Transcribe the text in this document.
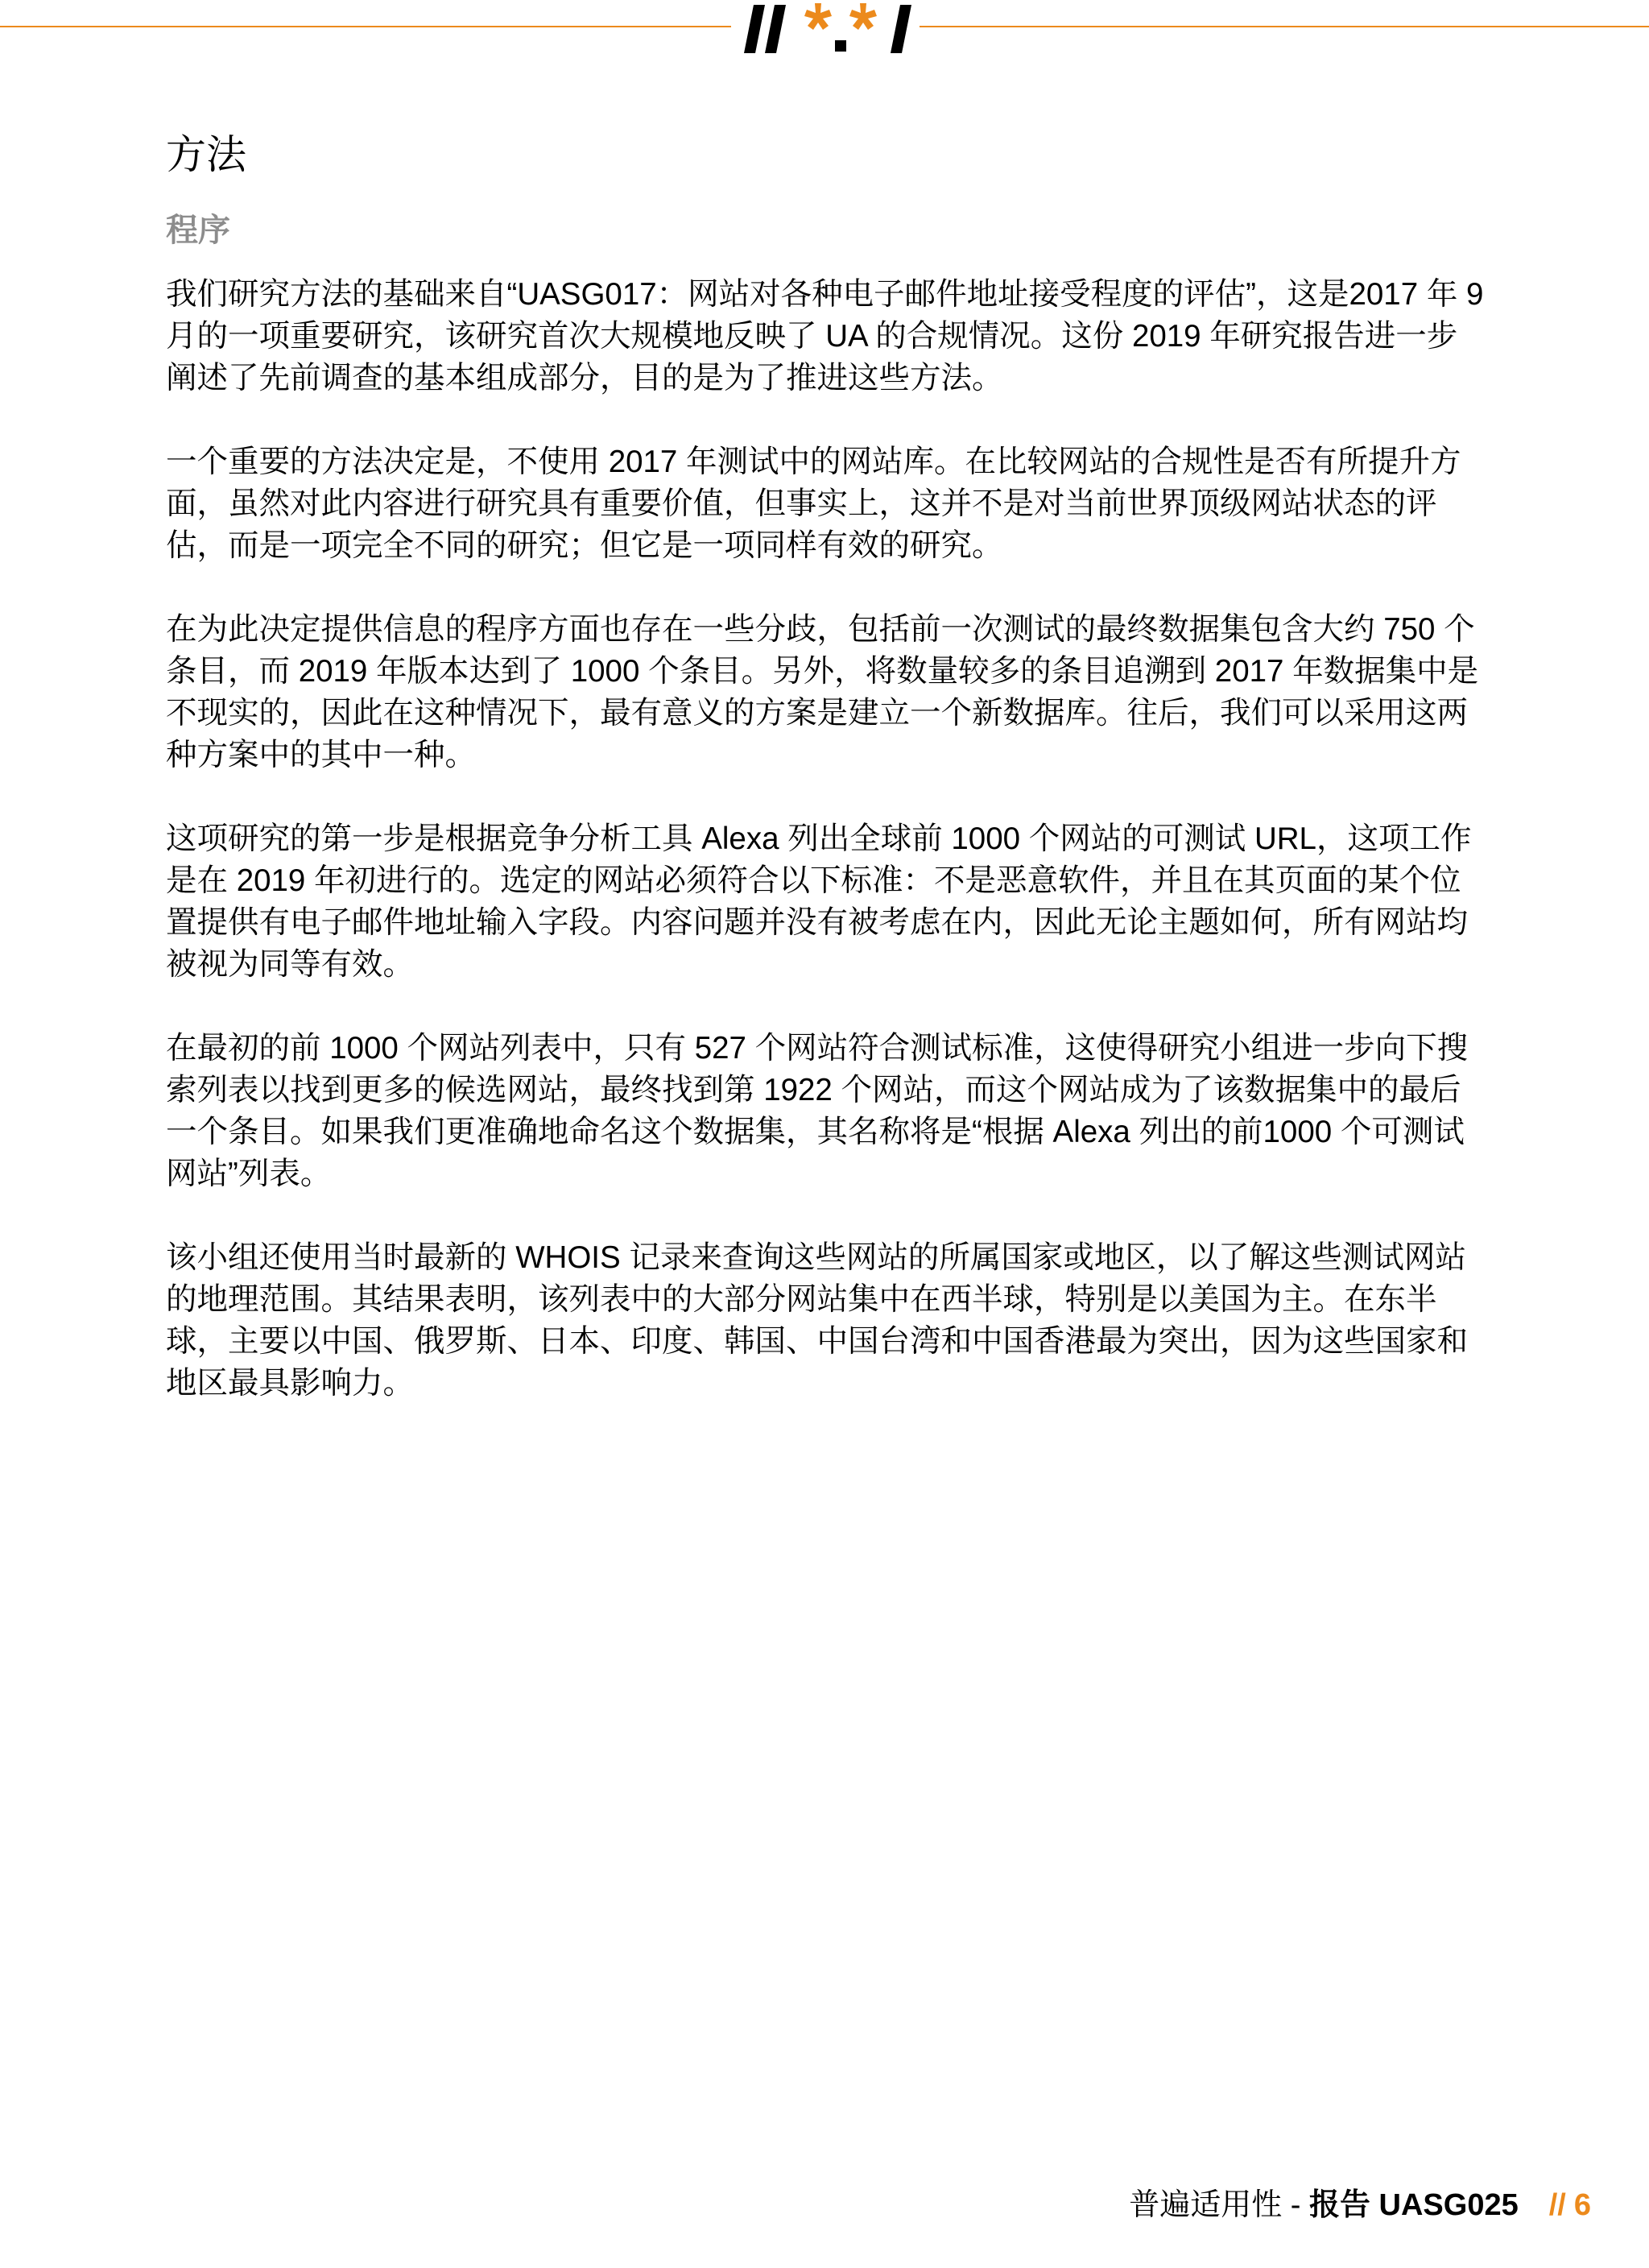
方法
程序

我们研究方法的基础来自“UASG017：网站对各种电子邮件地址接受程度的评估”，这是2017 年 9 月的一项重要研究，该研究首次大规模地反映了 UA 的合规情况。这份 2019 年研究报告进一步阐述了先前调查的基本组成部分，目的是为了推进这些方法。

一个重要的方法决定是，不使用 2017 年测试中的网站库。在比较网站的合规性是否有所提升方面，虽然对此内容进行研究具有重要价值，但事实上，这并不是对当前世界顶级网站状态的评估，而是一项完全不同的研究；但它是一项同样有效的研究。

在为此决定提供信息的程序方面也存在一些分歧，包括前一次测试的最终数据集包含大约 750 个条目，而 2019 年版本达到了 1000 个条目。另外，将数量较多的条目追溯到 2017 年数据集中是不现实的，因此在这种情况下，最有意义的方案是建立一个新数据库。往后，我们可以采用这两种方案中的其中一种。

这项研究的第一步是根据竞争分析工具 Alexa 列出全球前 1000 个网站的可测试 URL，这项工作是在 2019 年初进行的。选定的网站必须符合以下标准：不是恶意软件，并且在其页面的某个位置提供有电子邮件地址输入字段。内容问题并没有被考虑在内，因此无论主题如何，所有网站均被视为同等有效。

在最初的前 1000 个网站列表中，只有 527 个网站符合测试标准，这使得研究小组进一步向下搜索列表以找到更多的候选网站，最终找到第 1922 个网站，而这个网站成为了该数据集中的最后一个条目。如果我们更准确地命名这个数据集，其名称将是“根据 Alexa 列出的前1000 个可测试网站”列表。

该小组还使用当时最新的 WHOIS 记录来查询这些网站的所属国家或地区，以了解这些测试网站的地理范围。其结果表明，该列表中的大部分网站集中在西半球，特别是以美国为主。在东半球，主要以中国、俄罗斯、日本、印度、韩国、中国台湾和中国香港最为突出，因为这些国家和地区最具影响力。

普遍适用性 - 报告 UASG025 // 6
